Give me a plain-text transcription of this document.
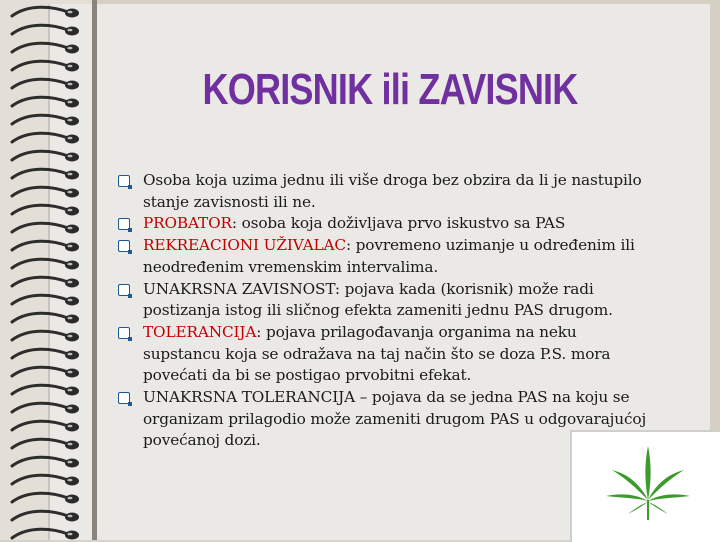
KORISNIK ili ZAVISNIK
Osoba koja uzima jednu ili više droga bez obzira da li je nastupilo stanje zavisnosti ili ne.
PROBATOR: osoba koja doživljava prvo iskustvo sa PAS
REKREACIONI UŽIVALAC: povremeno uzimanje u određenim ili neodređenim vremenskim intervalima.
UNAKRSNA ZAVISNOST: pojava kada (korisnik) može radi postizanja istog ili sličnog efekta zameniti jednu PAS drugom.
TOLERANCIJA: pojava prilagođavanja organima na neku supstancu koja se odražava na taj način što se doza P.S. mora povećati da bi se postigao prvobitni efekat.
UNAKRSNA TOLERANCIJA – pojava da se jedna PAS na koju se organizam prilagodio može zameniti drugom PAS u odgovarajućoj povećanoj dozi.
